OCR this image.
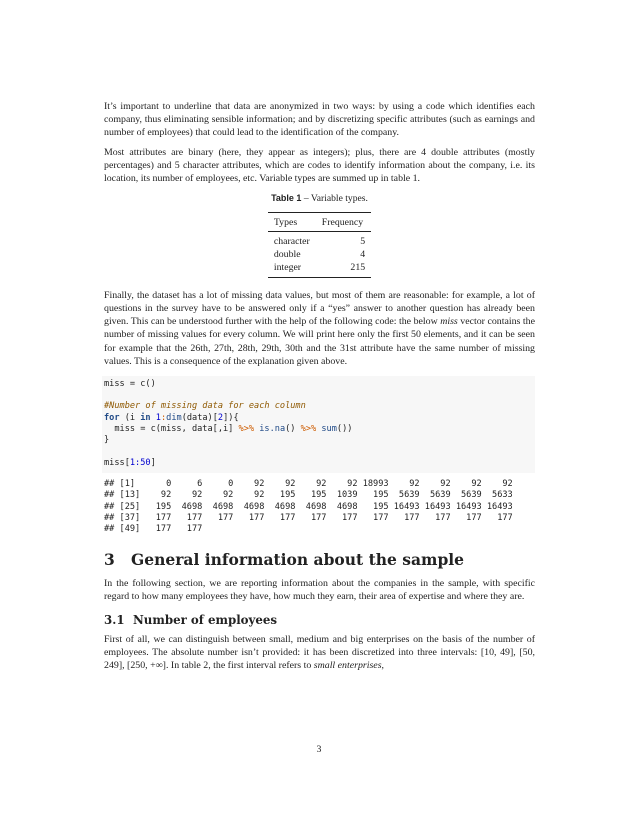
It’s important to underline that data are anonymized in two ways: by using a code which identifies each company, thus eliminating sensible information; and by discretizing specific attributes (such as earnings and number of employees) that could lead to the identification of the company.

Most attributes are binary (here, they appear as integers); plus, there are 4 double attributes (mostly percentages) and 5 character attributes, which are codes to identify information about the company, i.e. its location, its number of employees, etc. Variable types are summed up in table 1.

Table 1 – Variable types.
Types	Frequency
character	5
double	4
integer	215

Finally, the dataset has a lot of missing data values, but most of them are reasonable: for example, a lot of questions in the survey have to be answered only if a “yes” answer to another question has already been given. This can be understood further with the help of the following code: the below miss vector contains the number of missing values for every column. We will print here only the first 50 elements, and it can be seen for example that the 26th, 27th, 28th, 29th, 30th and the 31st attribute have the same number of missing values. This is a consequence of the explanation given above.

miss = c()

#Number of missing data for each column
for (i in 1:dim(data)[2]){
miss = c(miss, data[,i] %>% is.na() %>% sum())
}

miss[1:50]
## [1]      0     6     0    92    92    92    92 18993    92    92    92    92
## [13]    92    92    92    92   195   195  1039   195  5639  5639  5639  5633
## [25]   195  4698  4698  4698  4698  4698  4698   195 16493 16493 16493 16493
## [37]   177   177   177   177   177   177   177   177   177   177   177   177
## [49]   177   177
3 General information about the sample

In the following section, we are reporting information about the companies in the sample, with specific regard to how many employees they have, how much they earn, their area of expertise and where they are.

3.1 Number of employees

First of all, we can distinguish between small, medium and big enterprises on the basis of the number of employees. The absolute number isn’t provided: it has been discretized into three intervals: [10, 49], [50, 249], [250, +∞]. In table 2, the first interval refers to small enterprises,

3
